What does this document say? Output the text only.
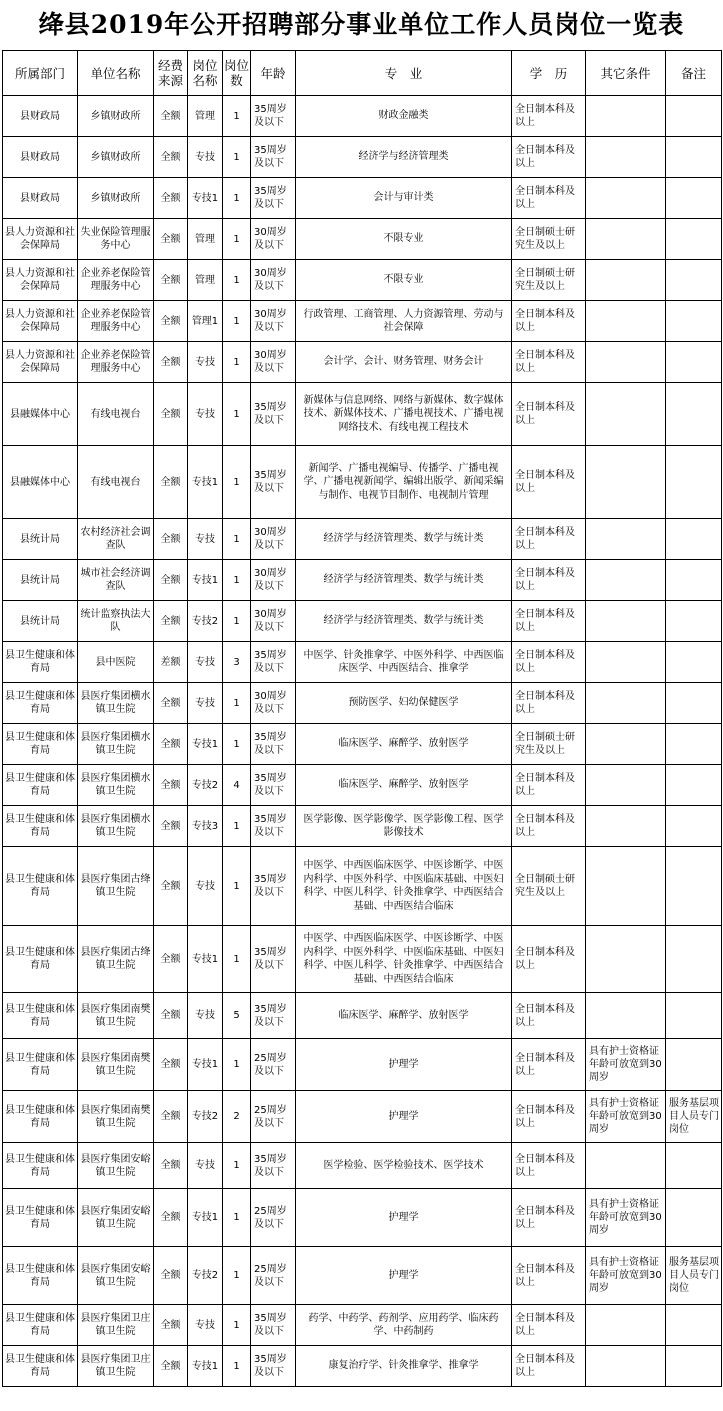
绛县2019年公开招聘部分事业单位工作人员岗位一览表
所属部门	单位名称	经费来源	岗位名称	岗位数	年龄	专　业	学　历	其它条件	备注
县财政局	乡镇财政所	全额	管理	1	35周岁及以下	财政金融类	全日制本科及以上		
县财政局	乡镇财政所	全额	专技	1	35周岁及以下	经济学与经济管理类	全日制本科及以上		
县财政局	乡镇财政所	全额	专技1	1	35周岁及以下	会计与审计类	全日制本科及以上		
县人力资源和社会保障局	失业保险管理服务中心	全额	管理	1	30周岁及以下	不限专业	全日制硕士研究生及以上		
县人力资源和社会保障局	企业养老保险管理服务中心	全额	管理	1	30周岁及以下	不限专业	全日制硕士研究生及以上		
县人力资源和社会保障局	企业养老保险管理服务中心	全额	管理1	1	30周岁及以下	行政管理、工商管理、人力资源管理、劳动与社会保障	全日制本科及以上		
县人力资源和社会保障局	企业养老保险管理服务中心	全额	专技	1	30周岁及以下	会计学、会计、财务管理、财务会计	全日制本科及以上		
县融媒体中心	有线电视台	全额	专技	1	35周岁及以下	新媒体与信息网络、网络与新媒体、数字媒体技术、新媒体技术、广播电视技术、广播电视网络技术、有线电视工程技术	全日制本科及以上		
县融媒体中心	有线电视台	全额	专技1	1	35周岁及以下	新闻学、广播电视编导、传播学、广播电视学、广播电视新闻学、编辑出版学、新闻采编与制作、电视节目制作、电视制片管理	全日制本科及以上		
县统计局	农村经济社会调查队	全额	专技	1	30周岁及以下	经济学与经济管理类、数学与统计类	全日制本科及以上		
县统计局	城市社会经济调查队	全额	专技1	1	30周岁及以下	经济学与经济管理类、数学与统计类	全日制本科及以上		
县统计局	统计监察执法大队	全额	专技2	1	30周岁及以下	经济学与经济管理类、数学与统计类	全日制本科及以上		
县卫生健康和体育局	县中医院	差额	专技	3	35周岁及以下	中医学、针灸推拿学、中医外科学、中西医临床医学、中西医结合、推拿学	全日制本科及以上		
县卫生健康和体育局	县医疗集团横水镇卫生院	全额	专技	1	30周岁及以下	预防医学、妇幼保健医学	全日制本科及以上		
县卫生健康和体育局	县医疗集团横水镇卫生院	全额	专技1	1	35周岁及以下	临床医学、麻醉学、放射医学	全日制硕士研究生及以上		
县卫生健康和体育局	县医疗集团横水镇卫生院	全额	专技2	4	35周岁及以下	临床医学、麻醉学、放射医学	全日制本科及以上		
县卫生健康和体育局	县医疗集团横水镇卫生院	全额	专技3	1	35周岁及以下	医学影像、医学影像学、医学影像工程、医学影像技术	全日制本科及以上		
县卫生健康和体育局	县医疗集团古绛镇卫生院	全额	专技	1	35周岁及以下	中医学、中西医临床医学、中医诊断学、中医内科学、中医外科学、中医临床基础、中医妇科学、中医儿科学、针灸推拿学、中西医结合基础、中西医结合临床	全日制硕士研究生及以上		
县卫生健康和体育局	县医疗集团古绛镇卫生院	全额	专技1	1	35周岁及以下	中医学、中西医临床医学、中医诊断学、中医内科学、中医外科学、中医临床基础、中医妇科学、中医儿科学、针灸推拿学、中西医结合基础、中西医结合临床	全日制本科及以上		
县卫生健康和体育局	县医疗集团南樊镇卫生院	全额	专技	5	35周岁及以下	临床医学、麻醉学、放射医学	全日制本科及以上		
县卫生健康和体育局	县医疗集团南樊镇卫生院	全额	专技1	1	25周岁及以下	护理学	全日制本科及以上	具有护士资格证年龄可放宽到30周岁	
县卫生健康和体育局	县医疗集团南樊镇卫生院	全额	专技2	2	25周岁及以下	护理学	全日制本科及以上	具有护士资格证年龄可放宽到30周岁	服务基层项目人员专门岗位
县卫生健康和体育局	县医疗集团安峪镇卫生院	全额	专技	1	35周岁及以下	医学检验、医学检验技术、医学技术	全日制本科及以上		
县卫生健康和体育局	县医疗集团安峪镇卫生院	全额	专技1	1	25周岁及以下	护理学	全日制本科及以上	具有护士资格证年龄可放宽到30周岁	
县卫生健康和体育局	县医疗集团安峪镇卫生院	全额	专技2	1	25周岁及以下	护理学	全日制本科及以上	具有护士资格证年龄可放宽到30周岁	服务基层项目人员专门岗位
县卫生健康和体育局	县医疗集团卫庄镇卫生院	全额	专技	1	35周岁及以下	药学、中药学、药剂学、应用药学、临床药学、中药制药	全日制本科及以上		
县卫生健康和体育局	县医疗集团卫庄镇卫生院	全额	专技1	1	35周岁及以下	康复治疗学、针灸推拿学、推拿学	全日制本科及以上		
